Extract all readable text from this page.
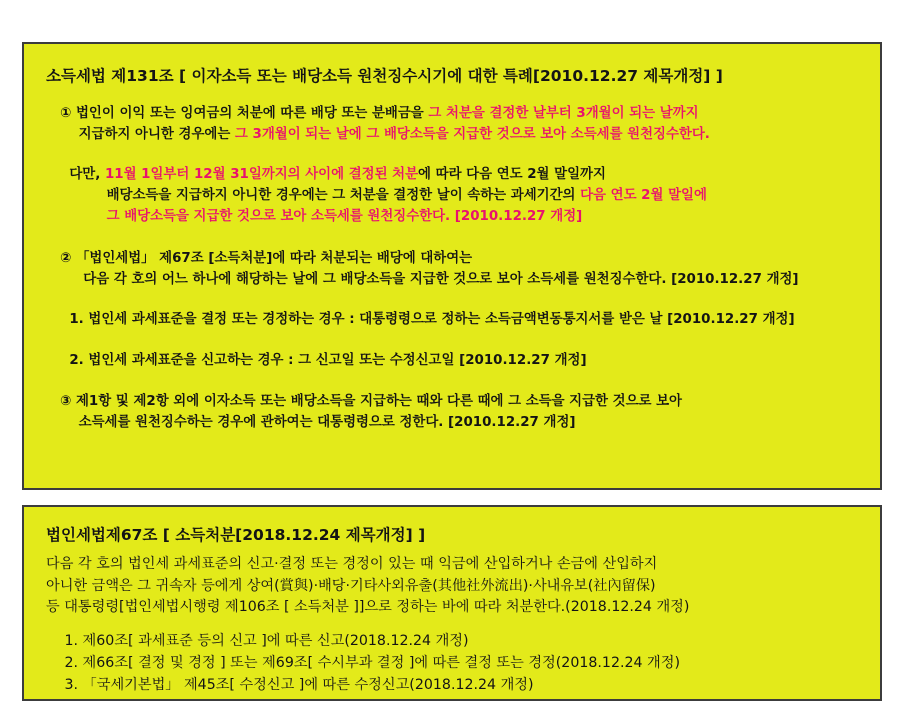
소득세법 제131조 [ 이자소득 또는 배당소득 원천징수시기에 대한 특례[2010.12.27 제목개정] ]
① 법인이 이익 또는 잉여금의 처분에 따른 배당 또는 분배금을 그 처분을 결정한 날부터 3개월이 되는 날까지
지급하지 아니한 경우에는 그 3개월이 되는 날에 그 배당소득을 지급한 것으로 보아 소득세를 원천징수한다.
다만, 11월 1일부터 12월 31일까지의 사이에 결정된 처분에 따라 다음 연도 2월 말일까지
배당소득을 지급하지 아니한 경우에는 그 처분을 결정한 날이 속하는 과세기간의 다음 연도 2월 말일에
그 배당소득을 지급한 것으로 보아 소득세를 원천징수한다. [2010.12.27 개정]
② 「법인세법」 제67조 [소득처분]에 따라 처분되는 배당에 대하여는
다음 각 호의 어느 하나에 해당하는 날에 그 배당소득을 지급한 것으로 보아 소득세를 원천징수한다. [2010.12.27 개정]
1. 법인세 과세표준을 결정 또는 경정하는 경우 : 대통령령으로 정하는 소득금액변동통지서를 받은 날 [2010.12.27 개정]
2. 법인세 과세표준을 신고하는 경우 : 그 신고일 또는 수정신고일 [2010.12.27 개정]
③ 제1항 및 제2항 외에 이자소득 또는 배당소득을 지급하는 때와 다른 때에 그 소득을 지급한 것으로 보아
소득세를 원천징수하는 경우에 관하여는 대통령령으로 정한다. [2010.12.27 개정]
법인세법제67조 [ 소득처분[2018.12.24 제목개정] ]
다음 각 호의 법인세 과세표준의 신고·결정 또는 경정이 있는 때 익금에 산입하거나 손금에 산입하지
아니한 금액은 그 귀속자 등에게 상여(賞與)·배당·기타사외유출(其他社外流出)·사내유보(社內留保)
등 대통령령[법인세법시행령 제106조 [ 소득처분 ]]으로 정하는 바에 따라 처분한다.(2018.12.24 개정)
1. 제60조[ 과세표준 등의 신고 ]에 따른 신고(2018.12.24 개정)
2. 제66조[ 결정 및 경정 ] 또는 제69조[ 수시부과 결정 ]에 따른 결정 또는 경정(2018.12.24 개정)
3. 「국세기본법」 제45조[ 수정신고 ]에 따른 수정신고(2018.12.24 개정)
